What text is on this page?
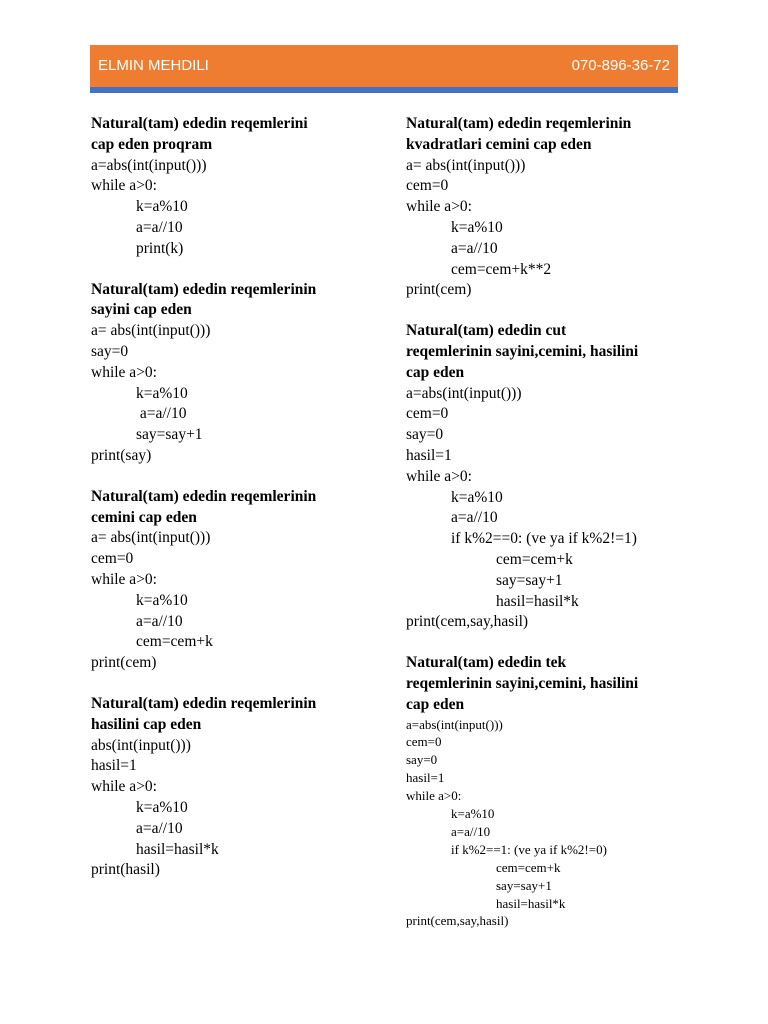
ELMIN MEHDILI	070-896-36-72
Natural(tam) ededin reqemlerini
cap eden proqram
a=abs(int(input()))
while a>0:
k=a%10
a=a//10
print(k)
Natural(tam) ededin reqemlerinin
sayini cap eden
a= abs(int(input()))
say=0
while a>0:
k=a%10
a=a//10
say=say+1
print(say)
Natural(tam) ededin reqemlerinin
cemini cap eden
a= abs(int(input()))
cem=0
while a>0:
k=a%10
a=a//10
cem=cem+k
print(cem)
Natural(tam) ededin reqemlerinin
hasilini cap eden
abs(int(input()))
hasil=1
while a>0:
k=a%10
a=a//10
hasil=hasil*k
print(hasil)
Natural(tam) ededin reqemlerinin
kvadratlari cemini cap eden
a= abs(int(input()))
cem=0
while a>0:
k=a%10
a=a//10
cem=cem+k**2
print(cem)
Natural(tam) ededin cut
reqemlerinin sayini,cemini, hasilini
cap eden
a=abs(int(input()))
cem=0
say=0
hasil=1
while a>0:
k=a%10
a=a//10
if k%2==0: (ve ya if k%2!=1)
cem=cem+k
say=say+1
hasil=hasil*k
print(cem,say,hasil)
Natural(tam) ededin tek
reqemlerinin sayini,cemini, hasilini
cap eden
a=abs(int(input()))
cem=0
say=0
hasil=1
while a>0:
k=a%10
a=a//10
if k%2==1: (ve ya if k%2!=0)
cem=cem+k
say=say+1
hasil=hasil*k
print(cem,say,hasil)
